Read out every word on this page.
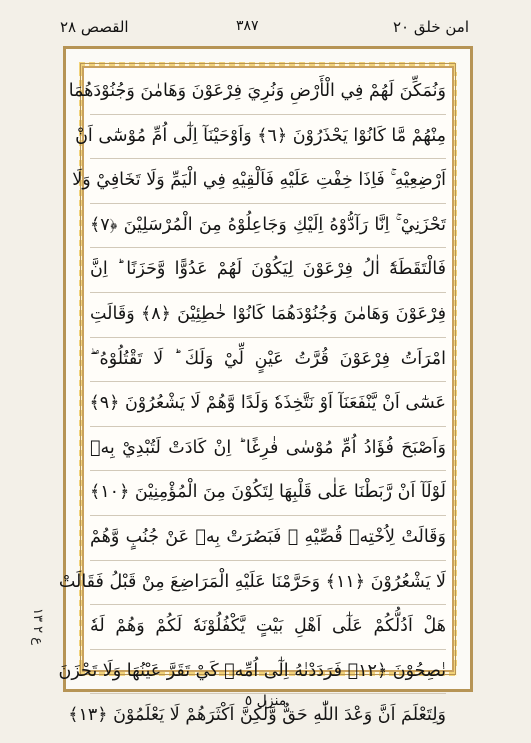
القصص ٢٨	٣٨٧	امن خلق ٢٠
وَنُمَكِّنَ لَهُمْ فِي الْأَرْضِ وَنُرِيَ فِرْعَوْنَ وَهَامٰنَ وَجُنُوْدَهُمَا
مِنْهُمْ مَّا كَانُوْا يَحْذَرُوْنَ ﴿٦﴾ وَاَوْحَيْنَآ اِلٰٓى اُمِّ مُوْسٰٓى اَنْ
اَرْضِعِيْهِ ۚ فَاِذَا خِفْتِ عَلَيْهِ فَاَلْقِيْهِ فِي الْيَمِّ وَلَا تَخَافِيْ وَلَا
تَحْزَنِيْ ۚ اِنَّا رَآدُّوْهُ اِلَيْكِ وَجَاعِلُوْهُ مِنَ الْمُرْسَلِيْنَ ﴿٧﴾
فَالْتَقَطَهٗٓ اٰلُ فِرْعَوْنَ لِيَكُوْنَ لَهُمْ عَدُوًّا وَّحَزَنًا ؕ اِنَّ
فِرْعَوْنَ وَهَامٰنَ وَجُنُوْدَهُمَا كَانُوْا خٰطِئِيْنَ ﴿٨﴾ وَقَالَتِ
امْرَاَتُ فِرْعَوْنَ قُرَّتُ عَيْنٍ لِّيْ وَلَكَ ؕ لَا تَقْتُلُوْهُ ۖ
عَسٰٓى اَنْ يَّنْفَعَنَآ اَوْ نَتَّخِذَهٗ وَلَدًا وَّهُمْ لَا يَشْعُرُوْنَ ﴿٩﴾
وَاَصْبَحَ فُؤَادُ اُمِّ مُوْسٰى فٰرِغًا ؕ اِنْ كَادَتْ لَتُبْدِيْ بِهٖ
لَوْلَآ اَنْ رَّبَطْنَا عَلٰى قَلْبِهَا لِتَكُوْنَ مِنَ الْمُؤْمِنِيْنَ ﴿١٠﴾
وَقَالَتْ لِاُخْتِهٖ قُصِّيْهِ ۫ فَبَصُرَتْ بِهٖ عَنْ جُنُبٍ وَّهُمْ
لَا يَشْعُرُوْنَ ﴿١١﴾ وَحَرَّمْنَا عَلَيْهِ الْمَرَاضِعَ مِنْ قَبْلُ فَقَالَتْ
هَلْ اَدُلُّكُمْ عَلٰٓى اَهْلِ بَيْتٍ يَّكْفُلُوْنَهٗ لَكُمْ وَهُمْ لَهٗ
نٰصِحُوْنَ ﴿١٢﴾ فَرَدَدْنٰهُ اِلٰٓى اُمِّهٖ كَيْ تَقَرَّ عَيْنُهَا وَلَا تَحْزَنَ
وَلِتَعْلَمَ اَنَّ وَعْدَ اللّٰهِ حَقٌّ وَّلٰكِنَّ اَكْثَرَهُمْ لَا يَعْلَمُوْنَ ﴿١٣﴾
ع ٢ ١٣
منزل ٥
